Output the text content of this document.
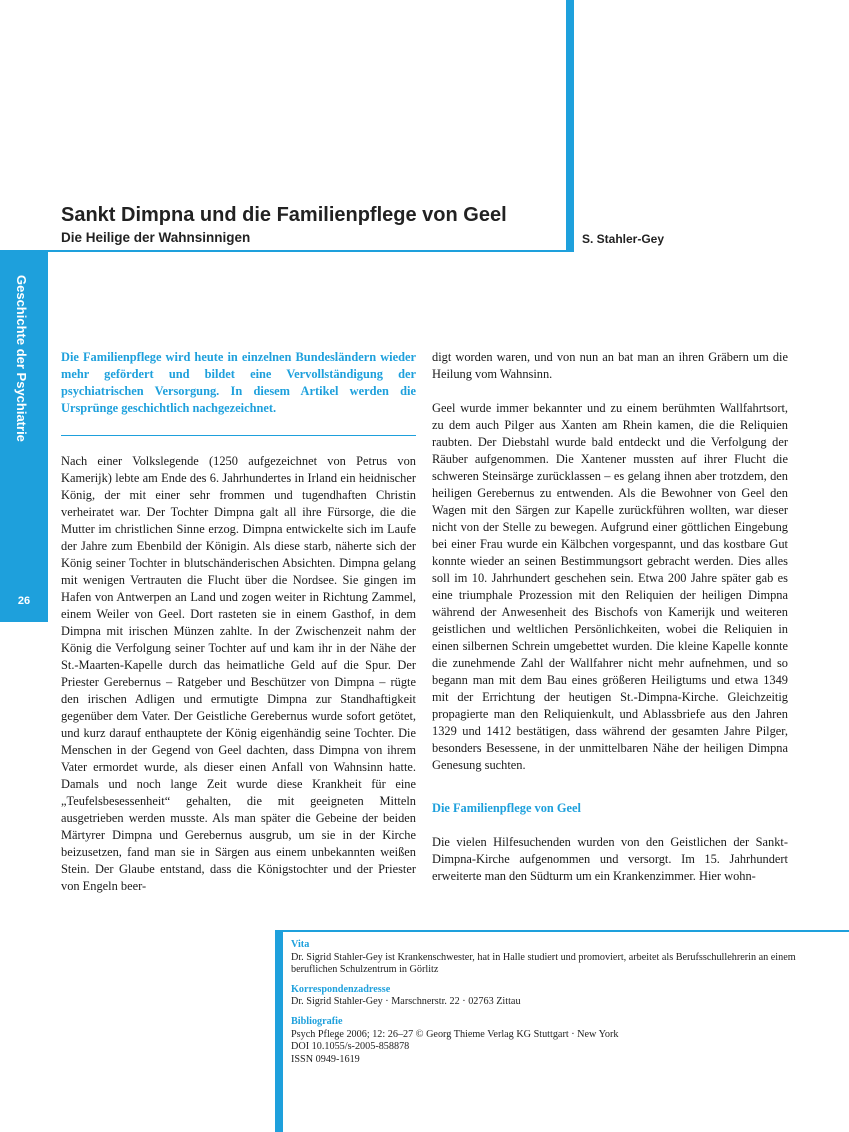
Sankt Dimpna und die Familienpflege von Geel
Die Heilige der Wahnsinnigen	S. Stahler-Gey
Geschichte der Psychiatrie
26

Die Familienpflege wird heute in einzelnen Bundesländern wieder mehr gefördert und bildet eine Vervollständigung der psychiatrischen Versorgung. In diesem Artikel werden die Ursprünge geschichtlich nachgezeichnet.

Nach einer Volkslegende (1250 aufgezeichnet von Petrus von Kamerijk) lebte am Ende des 6. Jahrhundertes in Irland ein heidnischer König, der mit einer sehr frommen und tugendhaften Christin verheiratet war. Der Tochter Dimpna galt all ihre Fürsorge, die die Mutter im christlichen Sinne erzog. Dimpna entwickelte sich im Laufe der Jahre zum Ebenbild der Königin. Als diese starb, näherte sich der König seiner Tochter in blutschänderischen Absichten. Dimpna gelang mit wenigen Vertrauten die Flucht über die Nordsee. Sie gingen im Hafen von Antwerpen an Land und zogen weiter in Richtung Zammel, einem Weiler von Geel. Dort rasteten sie in einem Gasthof, in dem Dimpna mit irischen Münzen zahlte. In der Zwischenzeit nahm der König die Verfolgung seiner Tochter auf und kam ihr in der Nähe der St.-Maarten-Kapelle durch das heimatliche Geld auf die Spur. Der Priester Gerebernus – Ratgeber und Beschützer von Dimpna – rügte den irischen Adligen und ermutigte Dimpna zur Standhaftigkeit gegenüber dem Vater. Der Geistliche Gerebernus wurde sofort getötet, und kurz darauf enthauptete der König eigenhändig seine Tochter. Die Menschen in der Gegend von Geel dachten, dass Dimpna von ihrem Vater ermordet wurde, als dieser einen Anfall von Wahnsinn hatte. Damals und noch lange Zeit wurde diese Krankheit für eine „Teufelsbesessenheit“ gehalten, die mit geeigneten Mitteln ausgetrieben werden musste. Als man später die Gebeine der beiden Märtyrer Dimpna und Gerebernus ausgrub, um sie in der Kirche beizusetzen, fand man sie in Särgen aus einem unbekannten weißen Stein. Der Glaube entstand, dass die Königstochter und der Priester von Engeln beer-

digt worden waren, und von nun an bat man an ihren Gräbern um die Heilung vom Wahnsinn.

Geel wurde immer bekannter und zu einem berühmten Wallfahrtsort, zu dem auch Pilger aus Xanten am Rhein kamen, die die Reliquien raubten. Der Diebstahl wurde bald entdeckt und die Verfolgung der Räuber aufgenommen. Die Xantener mussten auf ihrer Flucht die schweren Steinsärge zurücklassen – es gelang ihnen aber trotzdem, den heiligen Gerebernus zu entwenden. Als die Bewohner von Geel den Wagen mit den Särgen zur Kapelle zurückführen wollten, war dieser nicht von der Stelle zu bewegen. Aufgrund einer göttlichen Eingebung bei einer Frau wurde ein Kälbchen vorgespannt, und das kostbare Gut konnte wieder an seinen Bestimmungsort gebracht werden. Dies alles soll im 10. Jahrhundert geschehen sein. Etwa 200 Jahre später gab es eine triumphale Prozession mit den Reliquien der heiligen Dimpna während der Anwesenheit des Bischofs von Kamerijk und weiteren geistlichen und weltlichen Persönlichkeiten, wobei die Reliquien in einen silbernen Schrein umgebettet wurden. Die kleine Kapelle konnte die zunehmende Zahl der Wallfahrer nicht mehr aufnehmen, und so begann man mit dem Bau eines größeren Heiligtums und etwa 1349 mit der Errichtung der heutigen St.-Dimpna-Kirche. Gleichzeitig propagierte man den Reliquienkult, und Ablassbriefe aus den Jahren 1329 und 1412 bestätigen, dass während der gesamten Jahre Pilger, besonders Besessene, in der unmittelbaren Nähe der heiligen Dimpna Genesung suchten.

Die Familienpflege von Geel

Die vielen Hilfesuchenden wurden von den Geistlichen der Sankt-Dimpna-Kirche aufgenommen und versorgt. Im 15. Jahrhundert erweiterte man den Südturm um ein Krankenzimmer. Hier wohn-

Vita
Dr. Sigrid Stahler-Gey ist Krankenschwester, hat in Halle studiert und promoviert, arbeitet als Berufsschullehrerin an einem beruflichen Schulzentrum in Görlitz
Korrespondenzadresse
Dr. Sigrid Stahler-Gey · Marschnerstr. 22 · 02763 Zittau
Bibliografie
Psych Pflege 2006; 12: 26–27 © Georg Thieme Verlag KG Stuttgart · New York
DOI 10.1055/s-2005-858878
ISSN 0949-1619
